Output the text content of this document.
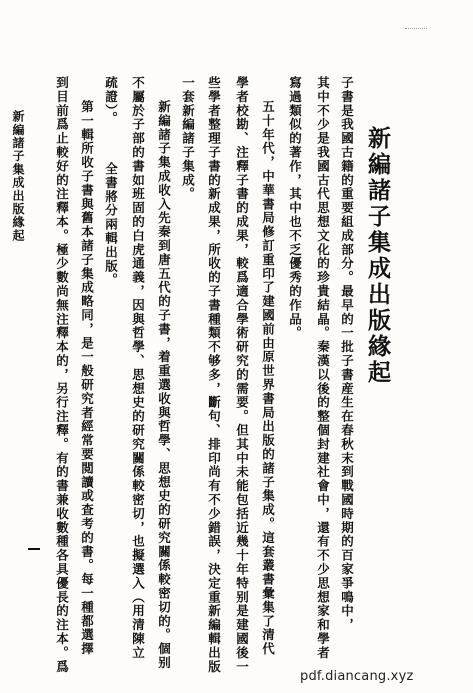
新編諸子集成出版緣起
子書是我國古籍的重要組成部分。最早的一批子書産生在春秋末到戰國時期的百家爭鳴中，
其中不少是我國古代思想文化的珍貴結晶。秦漢以後的整個封建社會中，還有不少思想家和學者
寫過類似的著作，其中也不乏優秀的作品。
五十年代，中華書局修訂重印了建國前由原世界書局出版的諸子集成。這套叢書彙集了清代
學者校勘、注釋子書的成果，較爲適合學術研究的需要。但其中未能包括近幾十年特别是建國後一
些學者整理子書的新成果，所收的子書種類不够多，斷句、排印尚有不少錯誤，決定重新編輯出版
一套新編諸子集成。
新編諸子集成收入先秦到唐五代的子書，着重選收與哲學、思想史的研究關係較密切的。個别
不屬於子部的書如班固的白虎通義，因與哲學、思想史的研究關係較密切，也擬選入（用清陳立
疏證）。
全書將分兩輯出版。
第一輯所收子書與舊本諸子集成略同，是一般研究者經常要閲讀或查考的書。每一種都選擇
到目前爲止較好的注釋本。極少數尚無注釋本的，另行注釋。有的書兼收數種各具優長的注本。爲
新編諸子集成出版緣起
pdf.diancang.xyz
